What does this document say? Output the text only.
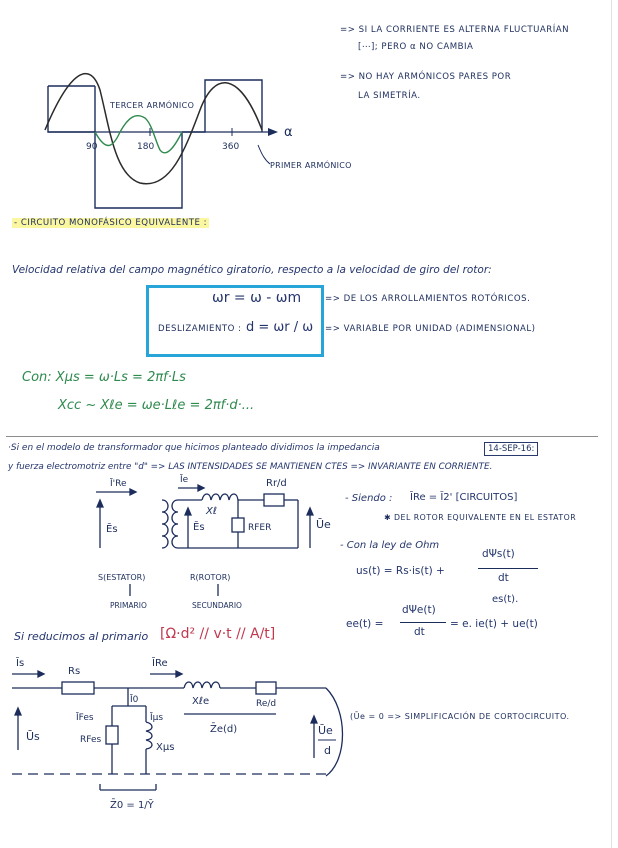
=> SI LA CORRIENTE ES ALTERNA FLUCTUARÍAN

[⋯]; PERO α NO CAMBIA

=> NO HAY ARMÓNICOS PARES POR

LA SIMETRÍA.

TERCER ARMÓNICO
α
90	180	360
PRIMER ARMÓNICO

- CIRCUITO MONOFÁSICO EQUIVALENTE :

Velocidad relativa del campo magnético giratorio, respecto a la velocidad de giro del rotor:

ωr = ω - ωm	=> DE LOS ARROLLAMIENTOS ROTÓRICOS.

DESLIZAMIENTO : d = ωr / ω => VARIABLE POR UNIDAD (ADIMENSIONAL)

Con: Xμs = ω·Ls = 2πf·Ls

Xcc ~ Xℓe = ωe·Lℓe = 2πf·d·...

·Si en el modelo de transformador que hicimos planteado dividimos la impedancia	14-SEP-16:

y fuerza electromotriz entre "d" => LAS INTENSIDADES SE MANTIENEN CTES => INVARIANTE EN CORRIENTE.

Ī'Re	Īe
Xℓ
Rr/d
Ēs	Ēs	RFER	Ūe
S(ESTATOR)
PRIMARIO
R(ROTOR)
SECUNDARIO

- Siendo : ĪRe = Ī2' [CIRCUITOS]

✱ DEL ROTOR EQUIVALENTE EN EL ESTATOR

- Con la ley de Ohm

us(t) = Rs·is(t) +

dΨs(t)

dt

es(t).

ee(t) =

dΨe(t)

dt

= e. ie(t) + ue(t)

Si reducimos al primario [Ω·d² // v·t // A/t]

Īs
Rs
ĪRe
Xℓe	Re/d
Ī0
ĪFes	Īμs
RFes
Xμs
Ūs	Ūe
d
Z̄e(d)
Z̄0 = 1/Ȳ

(Ūe = 0 => SIMPLIFICACIÓN DE CORTOCIRCUITO.
